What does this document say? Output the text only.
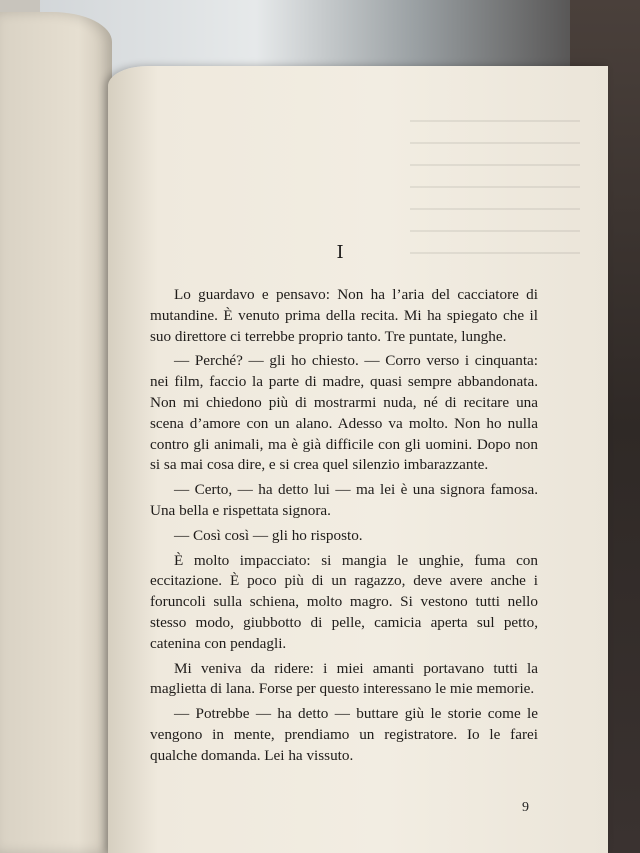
I

Lo guardavo e pensavo: Non ha l’aria del cacciatore di mutandine. È venuto prima della recita. Mi ha spiegato che il suo direttore ci terrebbe proprio tanto. Tre puntate, lunghe.

— Perché? — gli ho chiesto. — Corro verso i cinquanta: nei film, faccio la parte di madre, quasi sempre abbandonata. Non mi chiedono più di mostrarmi nuda, né di recitare una scena d’amore con un alano. Adesso va molto. Non ho nulla contro gli animali, ma è già difficile con gli uomini. Dopo non si sa mai cosa dire, e si crea quel silenzio imbarazzante.

— Certo, — ha detto lui — ma lei è una signora famosa. Una bella e rispettata signora.

— Così così — gli ho risposto.

È molto impacciato: si mangia le unghie, fuma con eccitazione. È poco più di un ragazzo, deve avere anche i foruncoli sulla schiena, molto magro. Si vestono tutti nello stesso modo, giubbotto di pelle, camicia aperta sul petto, catenina con pendagli.

Mi veniva da ridere: i miei amanti portavano tutti la maglietta di lana. Forse per questo interessano le mie memorie.

— Potrebbe — ha detto — buttare giù le storie come le vengono in mente, prendiamo un registratore. Io le farei qualche domanda. Lei ha vissuto.

9
